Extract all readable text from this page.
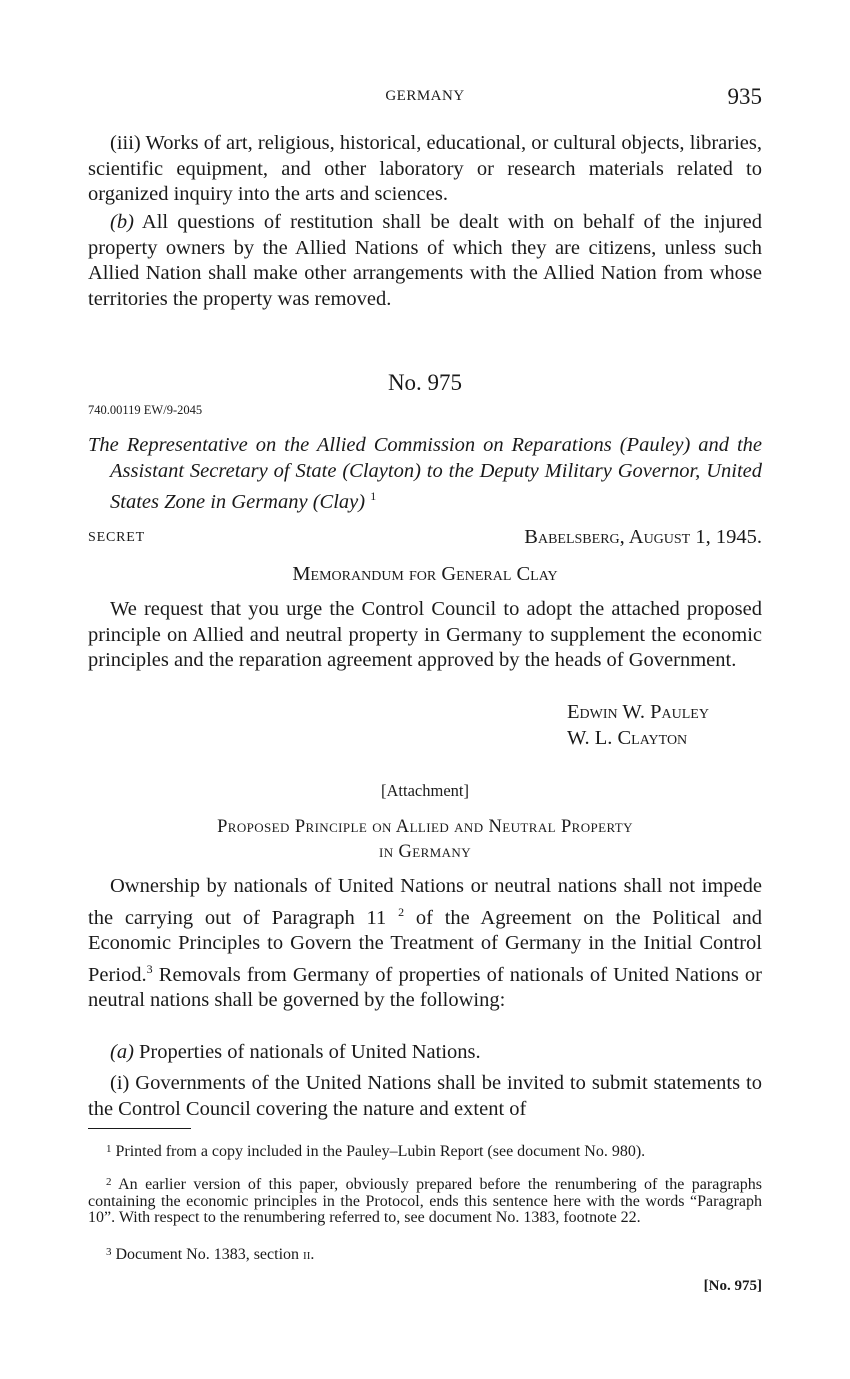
GERMANY	935
(iii) Works of art, religious, historical, educational, or cultural objects, libraries, scientific equipment, and other laboratory or research materials related to organized inquiry into the arts and sciences.
(b) All questions of restitution shall be dealt with on behalf of the injured property owners by the Allied Nations of which they are citizens, unless such Allied Nation shall make other arrangements with the Allied Nation from whose territories the property was removed.
No. 975
740.00119 EW/9-2045
The Representative on the Allied Commission on Reparations (Pauley) and the Assistant Secretary of State (Clayton) to the Deputy Military Governor, United States Zone in Germany (Clay) $^1$
SECRET	Babelsberg, August 1, 1945.
Memorandum for General Clay
We request that you urge the Control Council to adopt the attached proposed principle on Allied and neutral property in Germany to supplement the economic principles and the reparation agreement approved by the heads of Government.
Edwin W. Pauley
W. L. Clayton
[Attachment]
Proposed Principle on Allied and Neutral Property
in Germany
Ownership by nationals of United Nations or neutral nations shall not impede the carrying out of Paragraph 11 $^2$ of the Agreement on the Political and Economic Principles to Govern the Treatment of Germany in the Initial Control Period.$^3$ Removals from Germany of properties of nationals of United Nations or neutral nations shall be governed by the following:
(a) Properties of nationals of United Nations.
(i) Governments of the United Nations shall be invited to submit statements to the Control Council covering the nature and extent of
$^1$ Printed from a copy included in the Pauley–Lubin Report (see document No. 980).
$^2$ An earlier version of this paper, obviously prepared before the renumbering of the paragraphs containing the economic principles in the Protocol, ends this sentence here with the words “Paragraph 10”. With respect to the renumbering referred to, see document No. 1383, footnote 22.
$^3$ Document No. 1383, section ii.
[No. 975]
